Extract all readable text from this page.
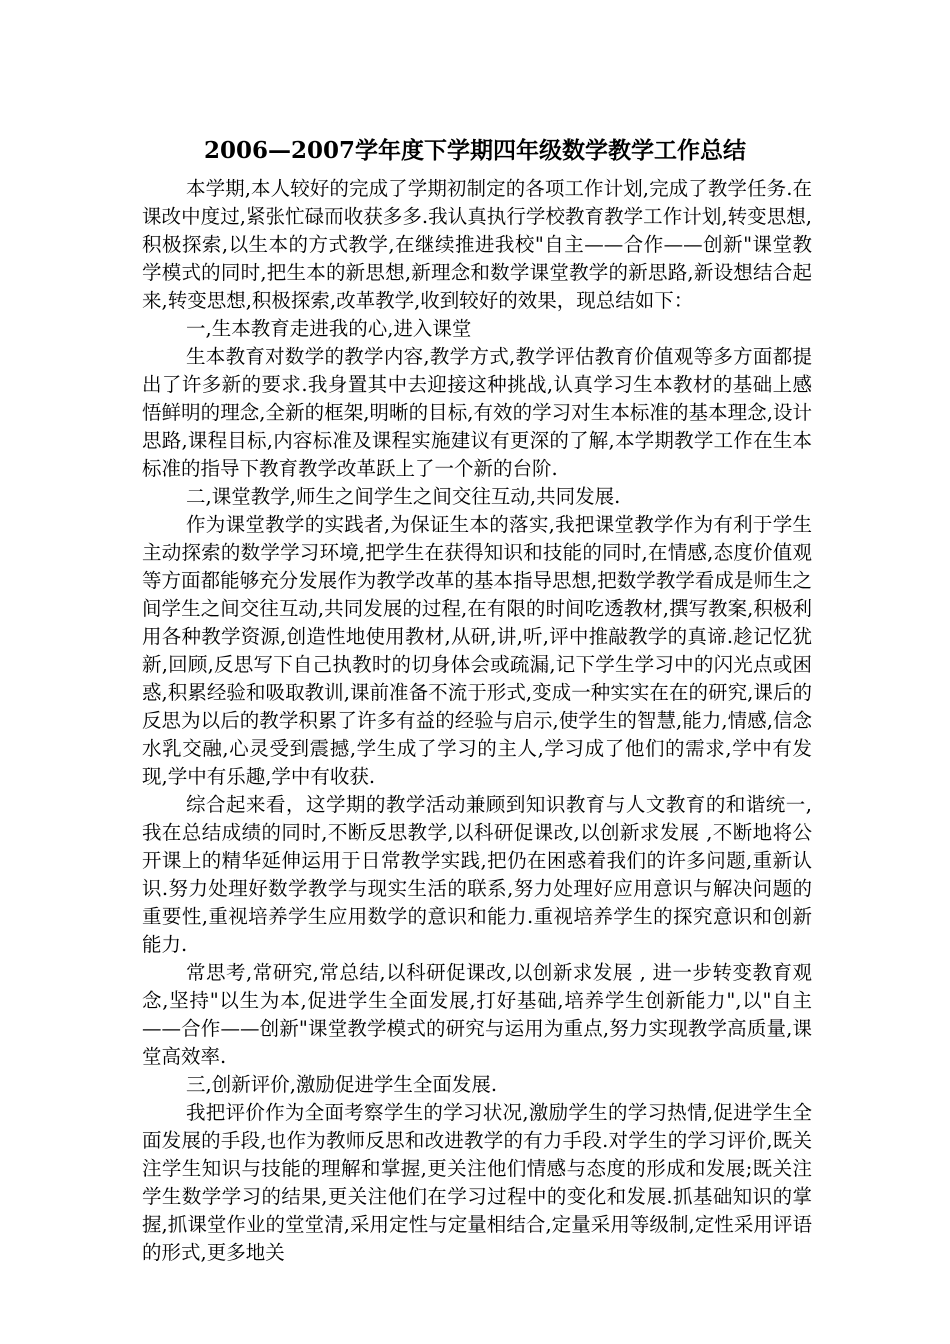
2006—2007学年度下学期四年级数学教学工作总结

本学期,本人较好的完成了学期初制定的各项工作计划,完成了教学任务.在课改中度过,紧张忙碌而收获多多.我认真执行学校教育教学工作计划,转变思想,积极探索,以生本的方式教学,在继续推进我校"自主——合作——创新"课堂教学模式的同时,把生本的新思想,新理念和数学课堂教学的新思路,新设想结合起来,转变思想,积极探索,改革教学,收到较好的效果，现总结如下：

一,生本教育走进我的心,进入课堂

生本教育对数学的教学内容,教学方式,教学评估教育价值观等多方面都提出了许多新的要求.我身置其中去迎接这种挑战,认真学习生本教材的基础上感悟鲜明的理念,全新的框架,明晰的目标,有效的学习对生本标准的基本理念,设计思路,课程目标,内容标准及课程实施建议有更深的了解,本学期教学工作在生本标准的指导下教育教学改革跃上了一个新的台阶.

二,课堂教学,师生之间学生之间交往互动,共同发展.

作为课堂教学的实践者,为保证生本的落实,我把课堂教学作为有利于学生主动探索的数学学习环境,把学生在获得知识和技能的同时,在情感,态度价值观等方面都能够充分发展作为教学改革的基本指导思想,把数学教学看成是师生之间学生之间交往互动,共同发展的过程,在有限的时间吃透教材,撰写教案,积极利用各种教学资源,创造性地使用教材,从研,讲,听,评中推敲教学的真谛.趁记忆犹新,回顾,反思写下自己执教时的切身体会或疏漏,记下学生学习中的闪光点或困惑,积累经验和吸取教训,课前准备不流于形式,变成一种实实在在的研究,课后的反思为以后的教学积累了许多有益的经验与启示,使学生的智慧,能力,情感,信念水乳交融,心灵受到震撼,学生成了学习的主人,学习成了他们的需求,学中有发现,学中有乐趣,学中有收获.

综合起来看，这学期的教学活动兼顾到知识教育与人文教育的和谐统一,我在总结成绩的同时,不断反思教学,以科研促课改,以创新求发展 ,不断地将公开课上的精华延伸运用于日常教学实践,把仍在困惑着我们的许多问题,重新认识.努力处理好数学教学与现实生活的联系,努力处理好应用意识与解决问题的重要性,重视培养学生应用数学的意识和能力.重视培养学生的探究意识和创新能力.

常思考,常研究,常总结,以科研促课改,以创新求发展 , 进一步转变教育观念,坚持"以生为本,促进学生全面发展,打好基础,培养学生创新能力",以"自主——合作——创新"课堂教学模式的研究与运用为重点,努力实现教学高质量,课堂高效率.

三,创新评价,激励促进学生全面发展.

我把评价作为全面考察学生的学习状况,激励学生的学习热情,促进学生全面发展的手段,也作为教师反思和改进教学的有力手段.对学生的学习评价,既关注学生知识与技能的理解和掌握,更关注他们情感与态度的形成和发展;既关注学生数学学习的结果,更关注他们在学习过程中的变化和发展.抓基础知识的掌握,抓课堂作业的堂堂清,采用定性与定量相结合,定量采用等级制,定性采用评语的形式,更多地关
